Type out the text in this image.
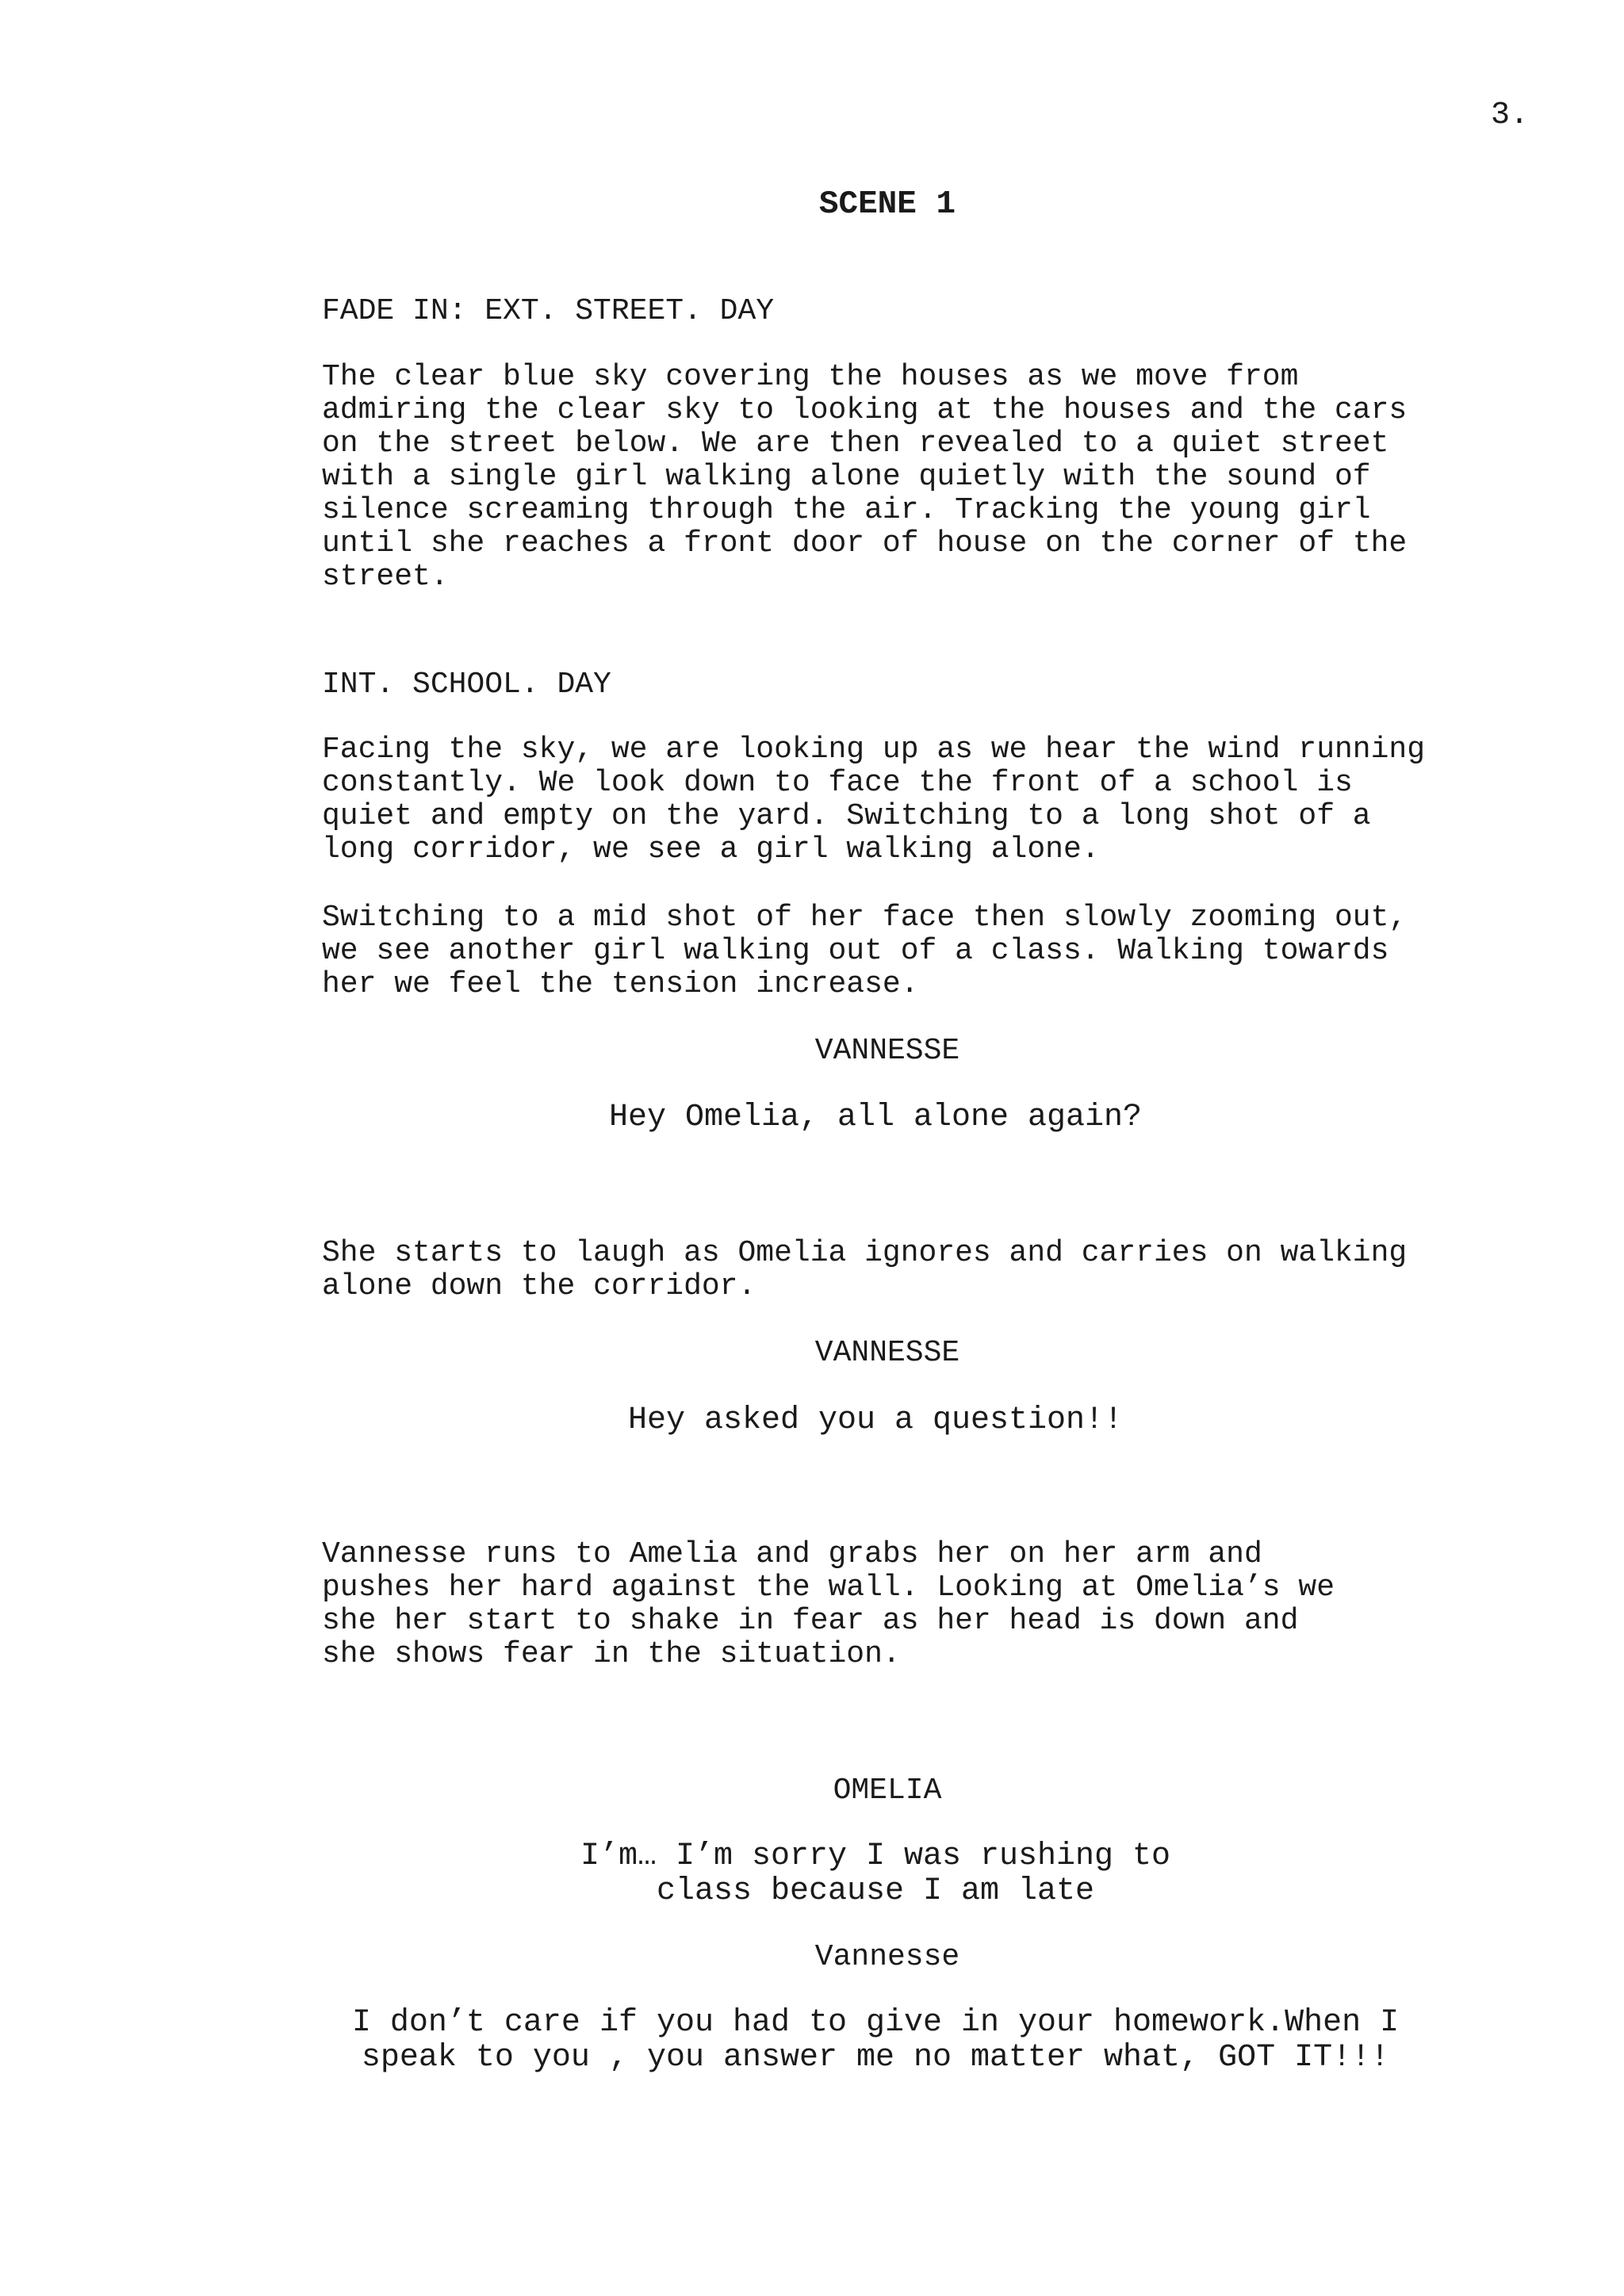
3.
SCENE 1
FADE IN: EXT. STREET. DAY
The clear blue sky covering the houses as we move from
admiring the clear sky to looking at the houses and the cars
on the street below. We are then revealed to a quiet street
with a single girl walking alone quietly with the sound of
silence screaming through the air. Tracking the young girl
until she reaches a front door of house on the corner of the
street.
INT. SCHOOL. DAY
Facing the sky, we are looking up as we hear the wind running
constantly. We look down to face the front of a school is
quiet and empty on the yard. Switching to a long shot of a
long corridor, we see a girl walking alone.
Switching to a mid shot of her face then slowly zooming out,
we see another girl walking out of a class. Walking towards
her we feel the tension increase.
VANNESSE
Hey Omelia, all alone again?
She starts to laugh as Omelia ignores and carries on walking
alone down the corridor.
VANNESSE
Hey asked you a question!!
Vannesse runs to Amelia and grabs her on her arm and
pushes her hard against the wall. Looking at Omelia’s we
she her start to shake in fear as her head is down and
she shows fear in the situation.
OMELIA
I’m… I’m sorry I was rushing to
class because I am late
Vannesse
I don’t care if you had to give in your homework.When I
speak to you , you answer me no matter what, GOT IT!!!
